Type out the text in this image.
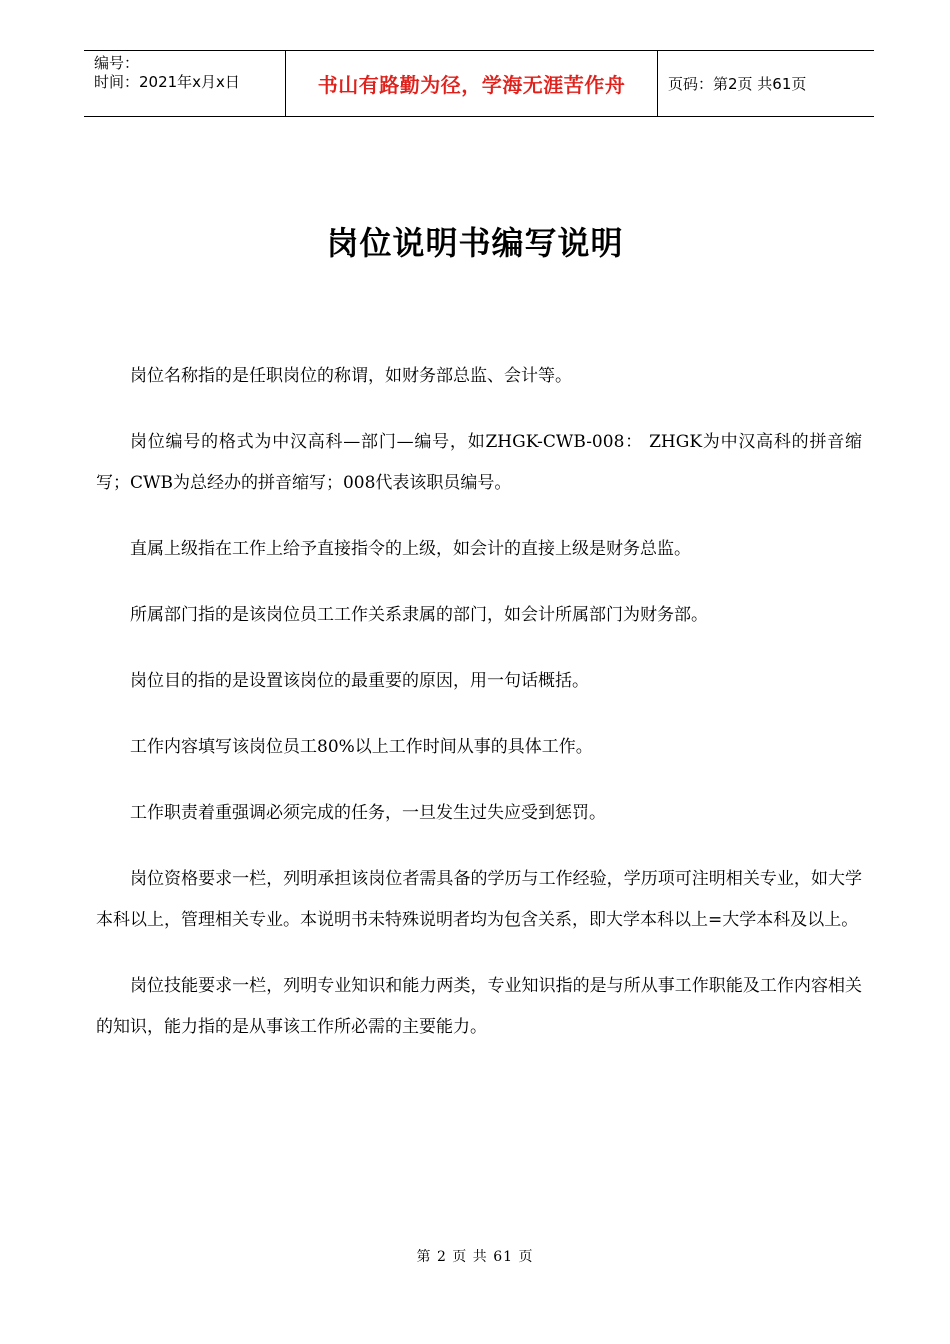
编号：
时间：2021年x月x日	书山有路勤为径，学海无涯苦作舟	页码：第2页 共61页
岗位说明书编写说明

岗位名称指的是任职岗位的称谓，如财务部总监、会计等。

岗位编号的格式为中汉高科—部门—编号，如ZHGK-CWB-008： ZHGK为中汉高科的拼音缩写；CWB为总经办的拼音缩写；008代表该职员编号。

直属上级指在工作上给予直接指令的上级，如会计的直接上级是财务总监。

所属部门指的是该岗位员工工作关系隶属的部门，如会计所属部门为财务部。

岗位目的指的是设置该岗位的最重要的原因，用一句话概括。

工作内容填写该岗位员工80%以上工作时间从事的具体工作。

工作职责着重强调必须完成的任务，一旦发生过失应受到惩罚。

岗位资格要求一栏，列明承担该岗位者需具备的学历与工作经验，学历项可注明相关专业，如大学本科以上，管理相关专业。本说明书未特殊说明者均为包含关系，即大学本科以上=大学本科及以上。

岗位技能要求一栏，列明专业知识和能力两类，专业知识指的是与所从事工作职能及工作内容相关的知识，能力指的是从事该工作所必需的主要能力。

第 2 页 共 61 页
